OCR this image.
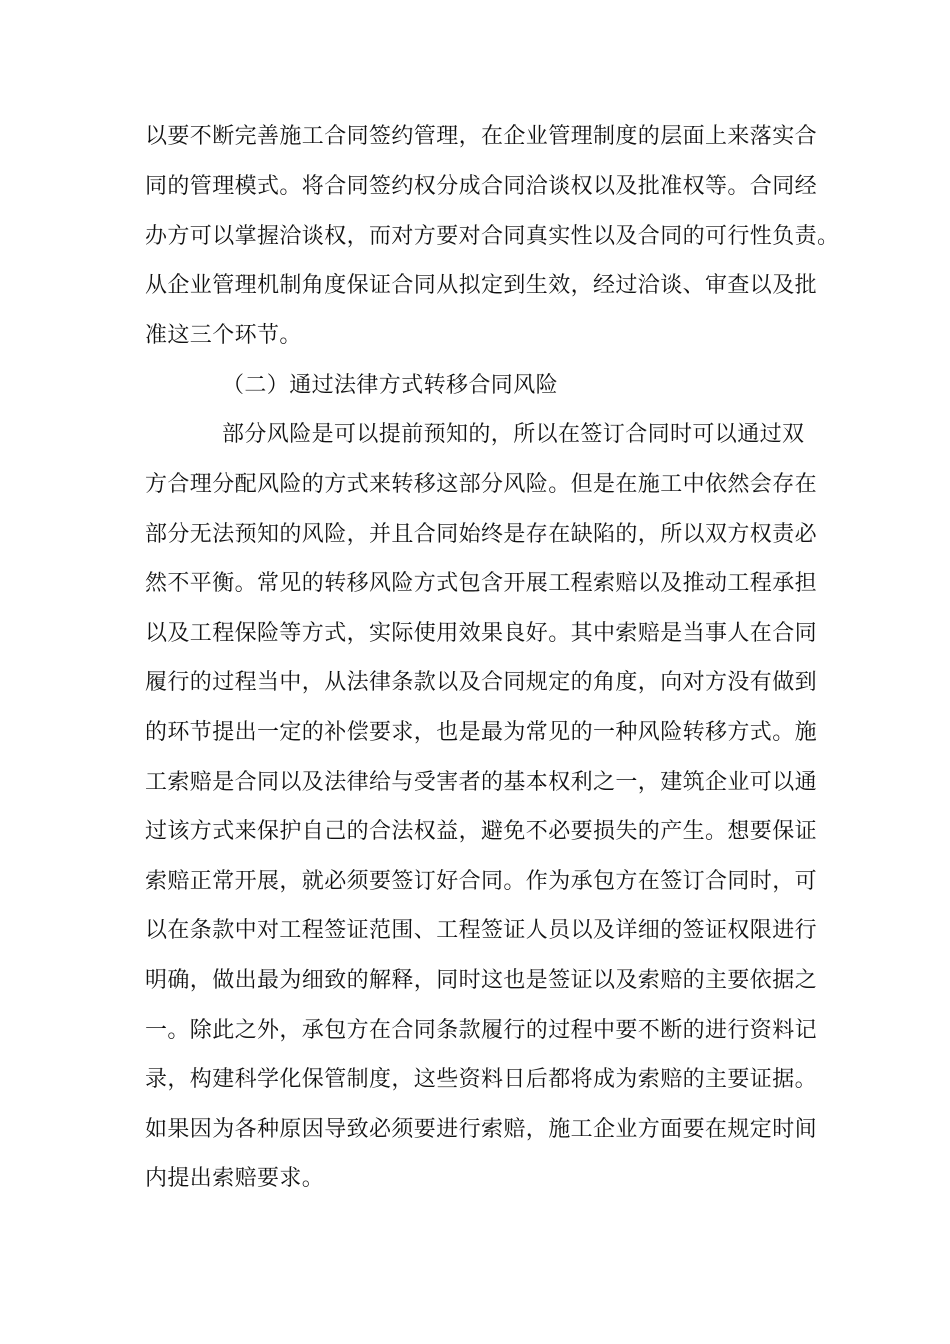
以要不断完善施工合同签约管理，在企业管理制度的层面上来落实合
同的管理模式。将合同签约权分成合同洽谈权以及批准权等。合同经
办方可以掌握洽谈权，而对方要对合同真实性以及合同的可行性负责。
从企业管理机制角度保证合同从拟定到生效，经过洽谈、审查以及批
准这三个环节。
（二）通过法律方式转移合同风险
部分风险是可以提前预知的，所以在签订合同时可以通过双
方合理分配风险的方式来转移这部分风险。但是在施工中依然会存在
部分无法预知的风险，并且合同始终是存在缺陷的，所以双方权责必
然不平衡。常见的转移风险方式包含开展工程索赔以及推动工程承担
以及工程保险等方式，实际使用效果良好。其中索赔是当事人在合同
履行的过程当中，从法律条款以及合同规定的角度，向对方没有做到
的环节提出一定的补偿要求，也是最为常见的一种风险转移方式。施
工索赔是合同以及法律给与受害者的基本权利之一，建筑企业可以通
过该方式来保护自己的合法权益，避免不必要损失的产生。想要保证
索赔正常开展，就必须要签订好合同。作为承包方在签订合同时，可
以在条款中对工程签证范围、工程签证人员以及详细的签证权限进行
明确，做出最为细致的解释，同时这也是签证以及索赔的主要依据之
一。除此之外，承包方在合同条款履行的过程中要不断的进行资料记
录，构建科学化保管制度，这些资料日后都将成为索赔的主要证据。
如果因为各种原因导致必须要进行索赔，施工企业方面要在规定时间
内提出索赔要求。
